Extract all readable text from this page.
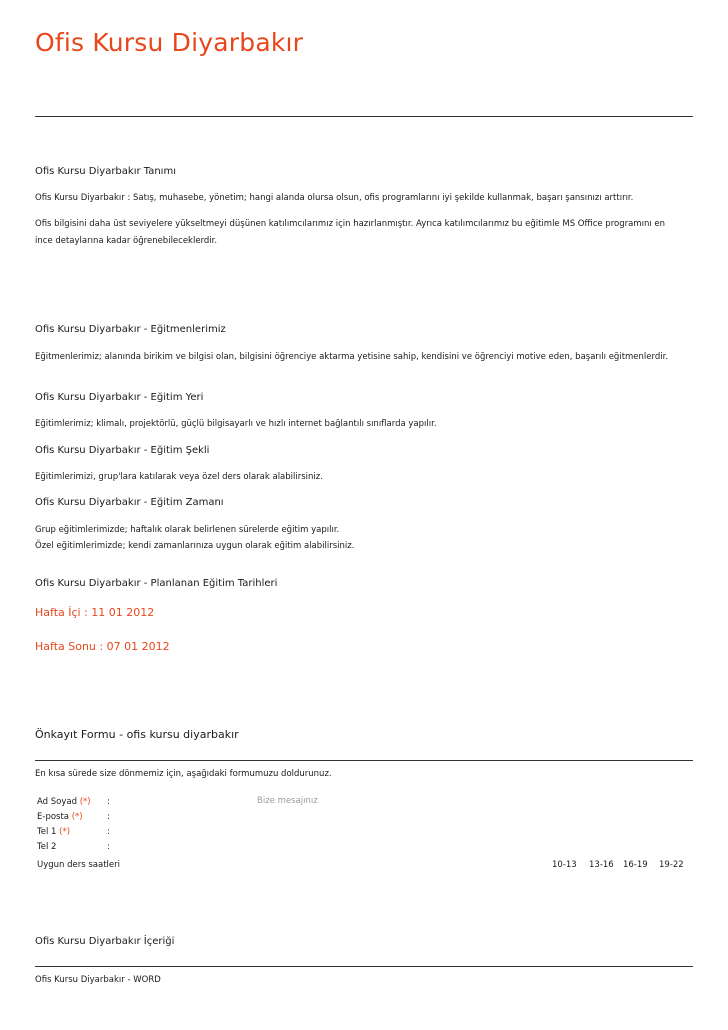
Ofis Kursu Diyarbakır
Ofis Kursu Diyarbakır Tanımı
Ofis Kursu Diyarbakır : Satış, muhasebe, yönetim; hangi alanda olursa olsun, ofis programlarını iyi şekilde kullanmak, başarı şansınızı arttırır.
Ofis bilgisini daha üst seviyelere yükseltmeyi düşünen katılımcılarımız için hazırlanmıştır. Ayrıca katılımcılarımız bu eğitimle MS Office programını en ince detaylarına kadar öğrenebileceklerdir.
Ofis Kursu Diyarbakır - Eğitmenlerimiz
Eğitmenlerimiz; alanında birikim ve bilgisi olan, bilgisini öğrenciye aktarma yetisine sahip, kendisini ve öğrenciyi motive eden, başarılı eğitmenlerdir.
Ofis Kursu Diyarbakır - Eğitim Yeri
Eğitimlerimiz; klimalı, projektörlü, güçlü bilgisayarlı ve hızlı internet bağlantılı sınıflarda yapılır.
Ofis Kursu Diyarbakır - Eğitim Şekli
Eğitimlerimizi, grup'lara katılarak veya özel ders olarak alabilirsiniz.
Ofis Kursu Diyarbakır - Eğitim Zamanı
Grup eğitimlerimizde; haftalık olarak belirlenen sürelerde eğitim yapılır.
Özel eğitimlerimizde; kendi zamanlarınıza uygun olarak eğitim alabilirsiniz.
Ofis Kursu Diyarbakır - Planlanan Eğitim Tarihleri
Hafta İçi : 11 01 2012
Hafta Sonu : 07 01 2012
Önkayıt Formu - ofis kursu diyarbakır
En kısa sürede size dönmemiz için, aşağıdaki formumuzu doldurunuz.
Ad Soyad (*) :	Bize mesajınız
E-posta (*)	:
Tel 1 (*)	:
Tel 2	:
Uygun ders saatleri	10-13 13-16 16-19 19-22
Ofis Kursu Diyarbakır İçeriği
Ofis Kursu Diyarbakır - WORD
